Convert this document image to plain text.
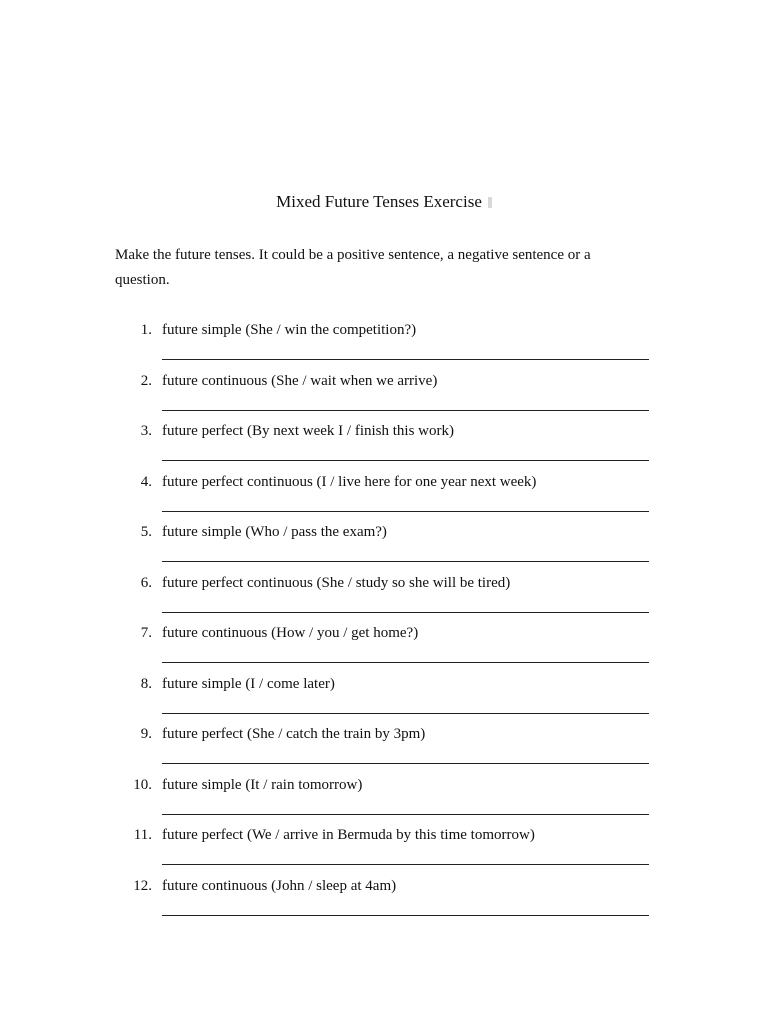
Mixed Future Tenses Exercise
Make the future tenses. It could be a positive sentence, a negative sentence or a question.
1. future simple (She / win the competition?)
2. future continuous (She / wait when we arrive)
3. future perfect (By next week I / finish this work)
4. future perfect continuous (I / live here for one year next week)
5. future simple (Who / pass the exam?)
6. future perfect continuous (She / study so she will be tired)
7. future continuous (How / you / get home?)
8. future simple (I / come later)
9. future perfect (She / catch the train by 3pm)
10. future simple (It / rain tomorrow)
11. future perfect (We / arrive in Bermuda by this time tomorrow)
12. future continuous (John / sleep at 4am)
